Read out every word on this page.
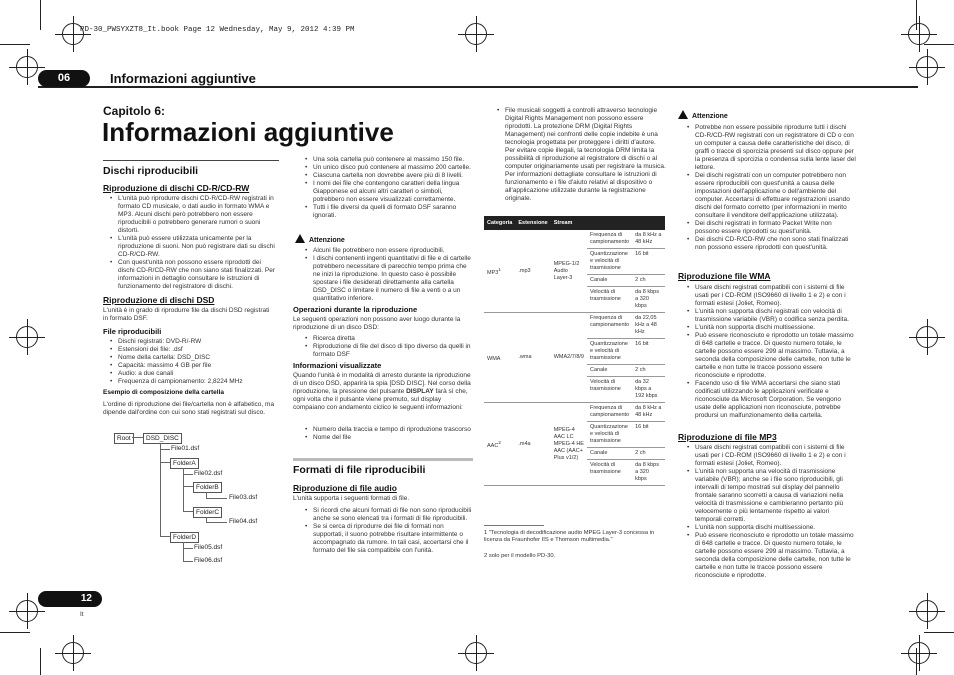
PD-30_PWSYXZT8_It.book Page 12 Wednesday, May 9, 2012 4:39 PM
06	Informazioni aggiuntive
Capitolo 6:
Informazioni aggiuntive
Dischi riproducibili
Riproduzione di dischi CD-R/CD-RW
• L'unità può riprodurre dischi CD-R/CD-RW registrati in formato CD musicale, o dati audio in formato WMA e MP3. Alcuni dischi però potrebbero non essere riproducibili o potrebbero generare rumori o suoni distorti.
• L'unità può essere utilizzata unicamente per la riproduzione di suoni. Non può registrare dati su dischi CD-R/CD-RW.
• Con quest'unità non possono essere riprodotti dei dischi CD-R/CD-RW che non siano stati finalizzati. Per informazioni in dettaglio consultare le istruzioni di funzionamento del registratore di dischi.
Riproduzione di dischi DSD
L'unità è in grado di riprodurre file da dischi DSD registrati in formato DSF.
File riproducibili
• Dischi registrati: DVD-R/-RW
• Estensioni dei file: .dsf
• Nome della cartella: DSD_DISC
• Capacità: massimo 4 GB per file
• Audio: a due canali
• Frequenza di campionamento: 2,8224 MHz
Esempio di composizione della cartella
L'ordine di riproduzione dei file/cartella non è alfabetico, ma dipende dall'ordine con cui sono stati registrati sul disco.
Root	DSD_DISC
File01.dsf
FolderA
File02.dsf
FolderB
File03.dsf
FolderC
File04.dsf
FolderD
File05.dsf
File06.dsf
• Una sola cartella può contenere al massimo 150 file.
• Un unico disco può contenere al massimo 200 cartelle.
• Ciascuna cartella non dovrebbe avere più di 8 livelli.
• I nomi dei file che contengono caratteri della lingua Giapponese ed alcuni altri caratteri o simboli, potrebbero non essere visualizzati correttamente.
• Tutti i file diversi da quelli di formato DSF saranno ignorati.
Attenzione
• Alcuni file potrebbero non essere riproducibili.
• I dischi contenenti ingenti quantitativi di file e di cartelle potrebbero necessitare di parecchio tempo prima che ne inizi la riproduzione. In questo caso è possibile spostare i file desiderati direttamente alla cartella DSD_DISC o limitare il numero di file a venti o a un quantitativo inferiore.
Operazioni durante la riproduzione
Le seguenti operazioni non possono aver luogo durante la riproduzione di un disco DSD:
• Ricerca diretta
• Riproduzione di file del disco di tipo diverso da quelli in formato DSF
Informazioni visualizzate
Quando l'unità è in modalità di arresto durante la riproduzione di un disco DSD, apparirà la spia [DSD DISC]. Nel corso della riproduzione, la pressione del pulsante DISPLAY farà sì che, ogni volta che il pulsante viene premuto, sul display compaiano con andamento ciclico le seguenti informazioni:
• Numero della traccia e tempo di riproduzione trascorso
• Nome del file
Formati di file riproducibili
Riproduzione di file audio
L'unità supporta i seguenti formati di file.
• Si ricordi che alcuni formati di file non sono riproducibili anche se sono elencati tra i formati di file riproducibili.
• Se si cerca di riprodurre dei file di formati non supportati, il suono potrebbe risultare intermittente o accompagnato da rumore. In tali casi, accertarsi che il formato del file sia compatibile con l'unità.
• File musicali soggetti a controlli attraverso tecnologie Digital Rights Management non possono essere riprodotti. La protezione DRM (Digital Rights Management) nei confronti delle copie indebite è una tecnologia progettata per proteggere i diritti d'autore. Per evitare copie illegali, la tecnologia DRM limita la possibilità di riproduzione al registratore di dischi o al computer originariamente usati per registrare la musica. Per informazioni dettagliate consultare le istruzioni di funzionamento e i file d'aiuto relativi al dispositivo o all'applicazione utilizzate durante la registrazione originale.
Categoria	Estensione	Stream		
$MP3^1$	.mp3	MPEG-1/2 Audio Layer-3	Frequenza di campionamento	da 8 kHz a 48 kHz
			Quantizzazione e velocità di trasmissione	16 bit
			Canale	2 ch
			Velocità di trasmissione	da 8 kbps a 320 kbps
WMA	.wma	WMA2/7/8/9	Frequenza di campionamento	da 22,05 kHz a 48 kHz
			Quantizzazione e velocità di trasmissione	16 bit
			Canale	2 ch
			Velocità di trasmissione	da 32 kbps a 192 kbps
AAC$^2$	.m4a	MPEG-4 AAC LC MPEG-4 HE AAC (AAC+ Plus v1/2)	Frequenza di campionamento	da 8 kHz a 48 kHz
			Quantizzazione e velocità di trasmissione	16 bit
			Canale	2 ch
			Velocità di trasmissione	da 8 kbps a 320 kbps
1 "Tecnologia di decodificazione audio MPEG Layer-3 concessa in licenza da Fraunhofer IIS e Thomson multimedia."
2 solo per il modello PD-30.
Attenzione
• Potrebbe non essere possibile riprodurre tutti i dischi CD-R/CD-RW registrati con un registratore di CD o con un computer a causa delle caratteristiche del disco, di graffi o tracce di sporcizia presenti sul disco oppure per la presenza di sporcizia o condensa sulla lente laser del lettore.
• Dei dischi registrati con un computer potrebbero non essere riproducibili con quest'unità a causa delle impostazioni dell'applicazione o dell'ambiente del computer. Accertarsi di effettuare registrazioni usando dischi del formato corretto (per informazioni in merito consultare il venditore dell'applicazione utilizzata).
• Dei dischi registrati in formato Packet Write non possono essere riprodotti su quest'unità.
• Dei dischi CD-R/CD-RW che non sono stati finalizzati non possono essere riprodotti con quest'unità.
Riproduzione file WMA
• Usare dischi registrati compatibili con i sistemi di file usati per i CD-ROM (ISO9660 di livello 1 e 2) e con i formati estesi (Joliet, Romeo).
• L'unità non supporta dischi registrati con velocità di trasmissione variabile (VBR) o codifica senza perdita.
• L'unità non supporta dischi multisessione.
• Può essere riconosciuto e riprodotto un totale massimo di 648 cartelle e tracce. Di questo numero totale, le cartelle possono essere 299 al massimo. Tuttavia, a seconda della composizione delle cartelle, non tutte le cartelle e non tutte le tracce possono essere riconosciute e riprodotte.
• Facendo uso di file WMA accertarsi che siano stati codificati utilizzando le applicazioni verificate e riconosciute da Microsoft Corporation. Se vengono usate delle applicazioni non riconosciute, potrebbe prodursi un malfunzionamento della cartella.
Riproduzione di file MP3
• Usare dischi registrati compatibili con i sistemi di file usati per i CD-ROM (ISO9660 di livello 1 e 2) e con i formati estesi (Joliet, Romeo).
• L'unità non supporta una velocità di trasmissione variabile (VBR); anche se i file sono riproducibili, gli intervalli di tempo mostrati sul display del pannello frontale saranno scorretti a causa di variazioni nella velocità di trasmissione e cambieranno pertanto più velocemente o più lentamente rispetto ai valori temporali corretti.
• L'unità non supporta dischi multisessione.
• Può essere riconosciuto e riprodotto un totale massimo di 648 cartelle e tracce. Di questo numero totale, le cartelle possono essere 299 al massimo. Tuttavia, a seconda della composizione delle cartelle, non tutte le cartelle e non tutte le tracce possono essere riconosciute e riprodotte.
12
It
